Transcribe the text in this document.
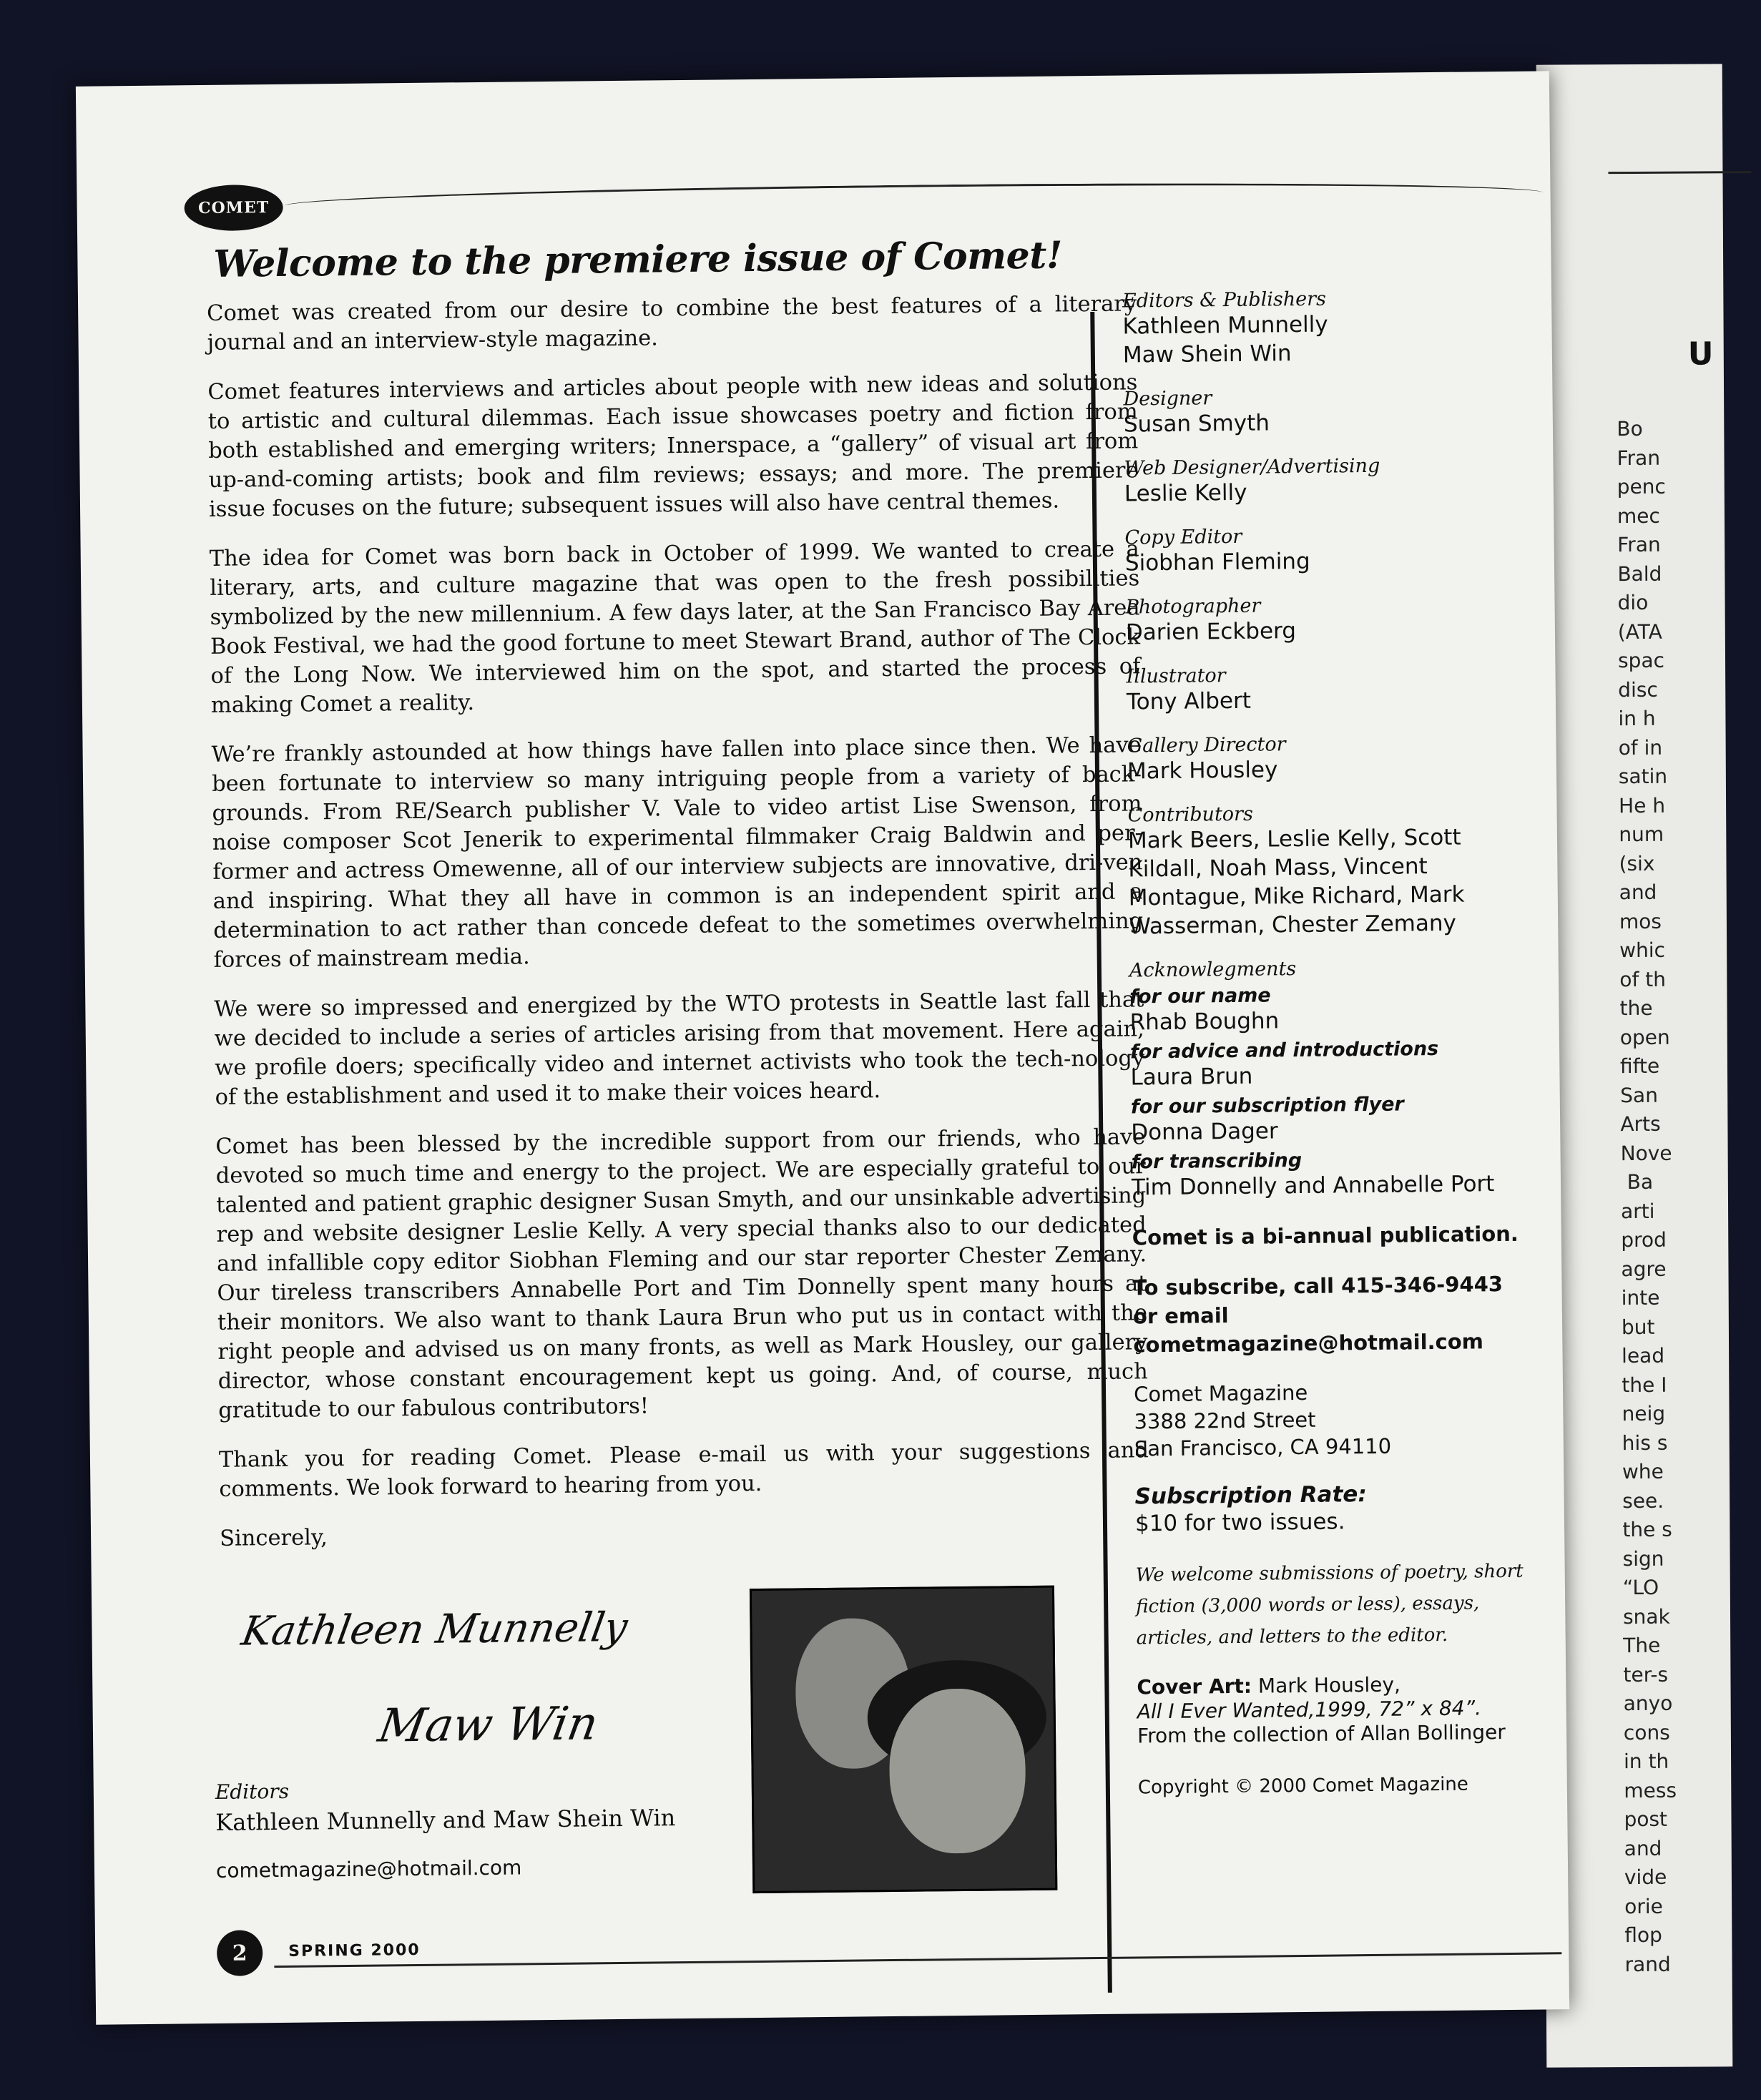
U
Bo
Fran
penc
mec
Fran
Bald
dio
(ATA
spac
disc
in h
of in
satin
He h
num
(six
and
mos
whic
of th
the
open
fifte
San
Arts
Nove
Ba
arti
prod
agre
inte
but
lead
the I
neig
his s
whe
see.
the s
sign
“LO
snak
The
ter-s
anyo
cons
in th
mess
post
and
vide
orie
flop
rand
COMET
Welcome to the premiere issue of Comet!

Comet was created from our desire to combine the best features of a literary journal and an interview-style magazine.

Comet features interviews and articles about people with new ideas and solutions to artistic and cultural dilemmas. Each issue showcases poetry and fiction from both established and emerging writers; Innerspace, a “gallery” of visual art from up-and-coming artists; book and film reviews; essays; and more. The premiere issue focuses on the future; subsequent issues will also have central themes.

The idea for Comet was born back in October of 1999. We wanted to create a literary, arts, and culture magazine that was open to the fresh possibilities symbolized by the new millennium. A few days later, at the San Francisco Bay Area Book Festival, we had the good fortune to meet Stewart Brand, author of The Clock of the Long Now. We interviewed him on the spot, and started the process of making Comet a reality.

We’re frankly astounded at how things have fallen into place since then. We have been fortunate to interview so many intriguing people from a variety of back-grounds. From RE/Search publisher V. Vale to video artist Lise Swenson, from noise composer Scot Jenerik to experimental filmmaker Craig Baldwin and per-former and actress Omewenne, all of our interview subjects are innovative, dri-ven and inspiring. What they all have in common is an independent spirit and a determination to act rather than concede defeat to the sometimes overwhelming forces of mainstream media.

We were so impressed and energized by the WTO protests in Seattle last fall that we decided to include a series of articles arising from that movement. Here again, we profile doers; specifically video and internet activists who took the tech-nology of the establishment and used it to make their voices heard.

Comet has been blessed by the incredible support from our friends, who have devoted so much time and energy to the project. We are especially grateful to our talented and patient graphic designer Susan Smyth, and our unsinkable advertising rep and website designer Leslie Kelly. A very special thanks also to our dedicated and infallible copy editor Siobhan Fleming and our star reporter Chester Zemany. Our tireless transcribers Annabelle Port and Tim Donnelly spent many hours at their monitors. We also want to thank Laura Brun who put us in contact with the right people and advised us on many fronts, as well as Mark Housley, our gallery director, whose constant encouragement kept us going. And, of course, much gratitude to our fabulous contributors!

Thank you for reading Comet. Please e-mail us with your suggestions and comments. We look forward to hearing from you.

Sincerely,

Kathleen Munnelly
Maw Win
Editors
Kathleen Munnelly and Maw Shein Win
cometmagazine@hotmail.com
Editors & Publishers
Kathleen Munnelly
Maw Shein Win
Designer
Susan Smyth
Web Designer/Advertising
Leslie Kelly
Copy Editor
Siobhan Fleming
Photographer
Darien Eckberg
Illustrator
Tony Albert
Gallery Director
Mark Housley
Contributors
Mark Beers, Leslie Kelly, Scott Kildall, Noah Mass, Vincent Montague, Mike Richard, Mark Wasserman, Chester Zemany
Acknowlegments
for our name
Rhab Boughn
for advice and introductions
Laura Brun
for our subscription flyer
Donna Dager
for transcribing
Tim Donnelly and Annabelle Port
Comet is a bi-annual publication.
To subscribe, call 415-346-9443 or email cometmagazine@hotmail.com
Comet Magazine
3388 22nd Street
San Francisco, CA 94110
Subscription Rate:
$10 for two issues.
We welcome submissions of poetry, short fiction (3,000 words or less), essays, articles, and letters to the editor.
Cover Art: Mark Housley,
All I Ever Wanted,1999, 72” x 84”.
From the collection of Allan Bollinger
Copyright © 2000 Comet Magazine
2	SPRING 2000
